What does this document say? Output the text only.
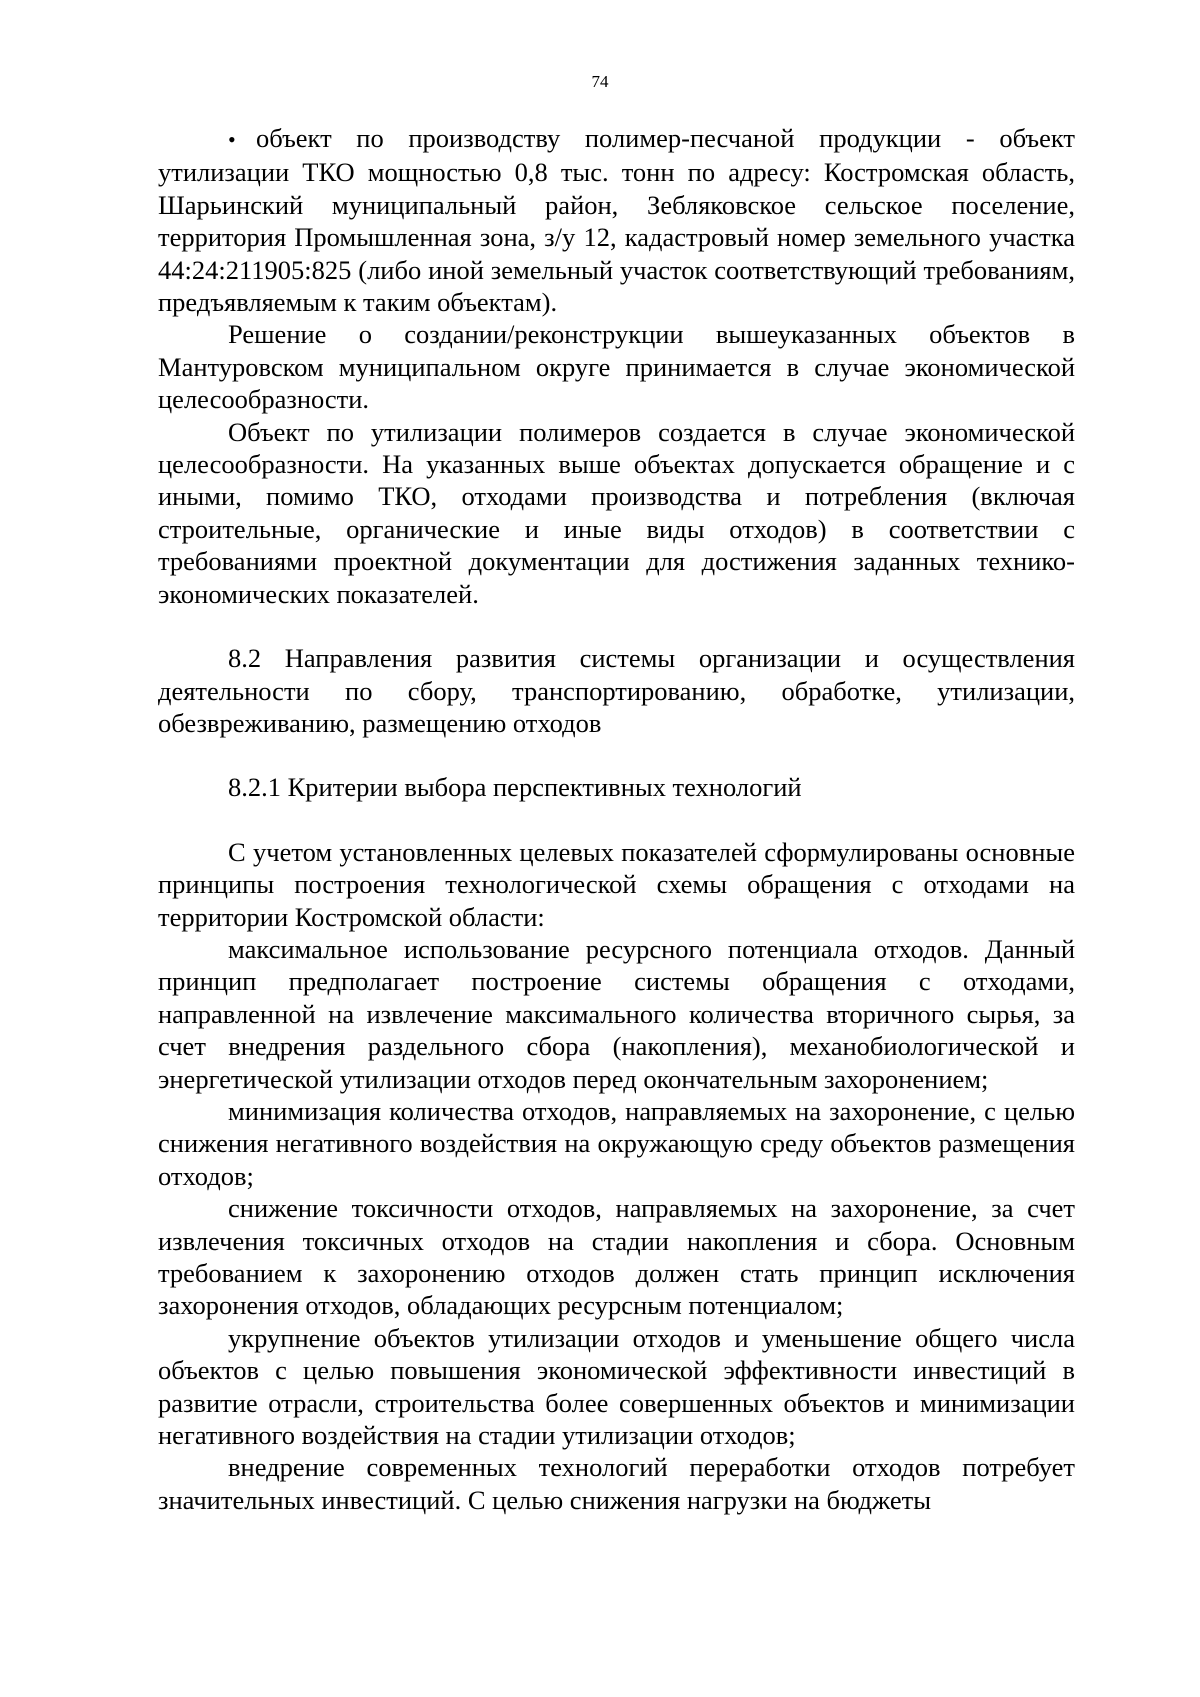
74

• объект по производству полимер-песчаной продукции - объект утилизации ТКО мощностью 0,8 тыс. тонн по адресу: Костромская область, Шарьинский муниципальный район, Зебляковское сельское поселение, территория Промышленная зона, з/у 12, кадастровый номер земельного участка 44:24:211905:825 (либо иной земельный участок соответствующий требованиям, предъявляемым к таким объектам).

Решение о создании/реконструкции вышеуказанных объектов в Мантуровском муниципальном округе принимается в случае экономической целесообразности.

Объект по утилизации полимеров создается в случае экономической целесообразности. На указанных выше объектах допускается обращение и с иными, помимо ТКО, отходами производства и потребления (включая строительные, органические и иные виды отходов) в соответствии с требованиями проектной документации для достижения заданных технико-экономических показателей.

8.2 Направления развития системы организации и осуществления деятельности по сбору, транспортированию, обработке, утилизации, обезвреживанию, размещению отходов

8.2.1 Критерии выбора перспективных технологий

С учетом установленных целевых показателей сформулированы основные принципы построения технологической схемы обращения с отходами на территории Костромской области:

максимальное использование ресурсного потенциала отходов. Данный принцип предполагает построение системы обращения с отходами, направленной на извлечение максимального количества вторичного сырья, за счет внедрения раздельного сбора (накопления), механобиологической и энергетической утилизации отходов перед окончательным захоронением;

минимизация количества отходов, направляемых на захоронение, с целью снижения негативного воздействия на окружающую среду объектов размещения отходов;

снижение токсичности отходов, направляемых на захоронение, за счет извлечения токсичных отходов на стадии накопления и сбора. Основным требованием к захоронению отходов должен стать принцип исключения захоронения отходов, обладающих ресурсным потенциалом;

укрупнение объектов утилизации отходов и уменьшение общего числа объектов с целью повышения экономической эффективности инвестиций в развитие отрасли, строительства более совершенных объектов и минимизации негативного воздействия на стадии утилизации отходов;

внедрение современных технологий переработки отходов потребует значительных инвестиций. С целью снижения нагрузки на бюджеты
